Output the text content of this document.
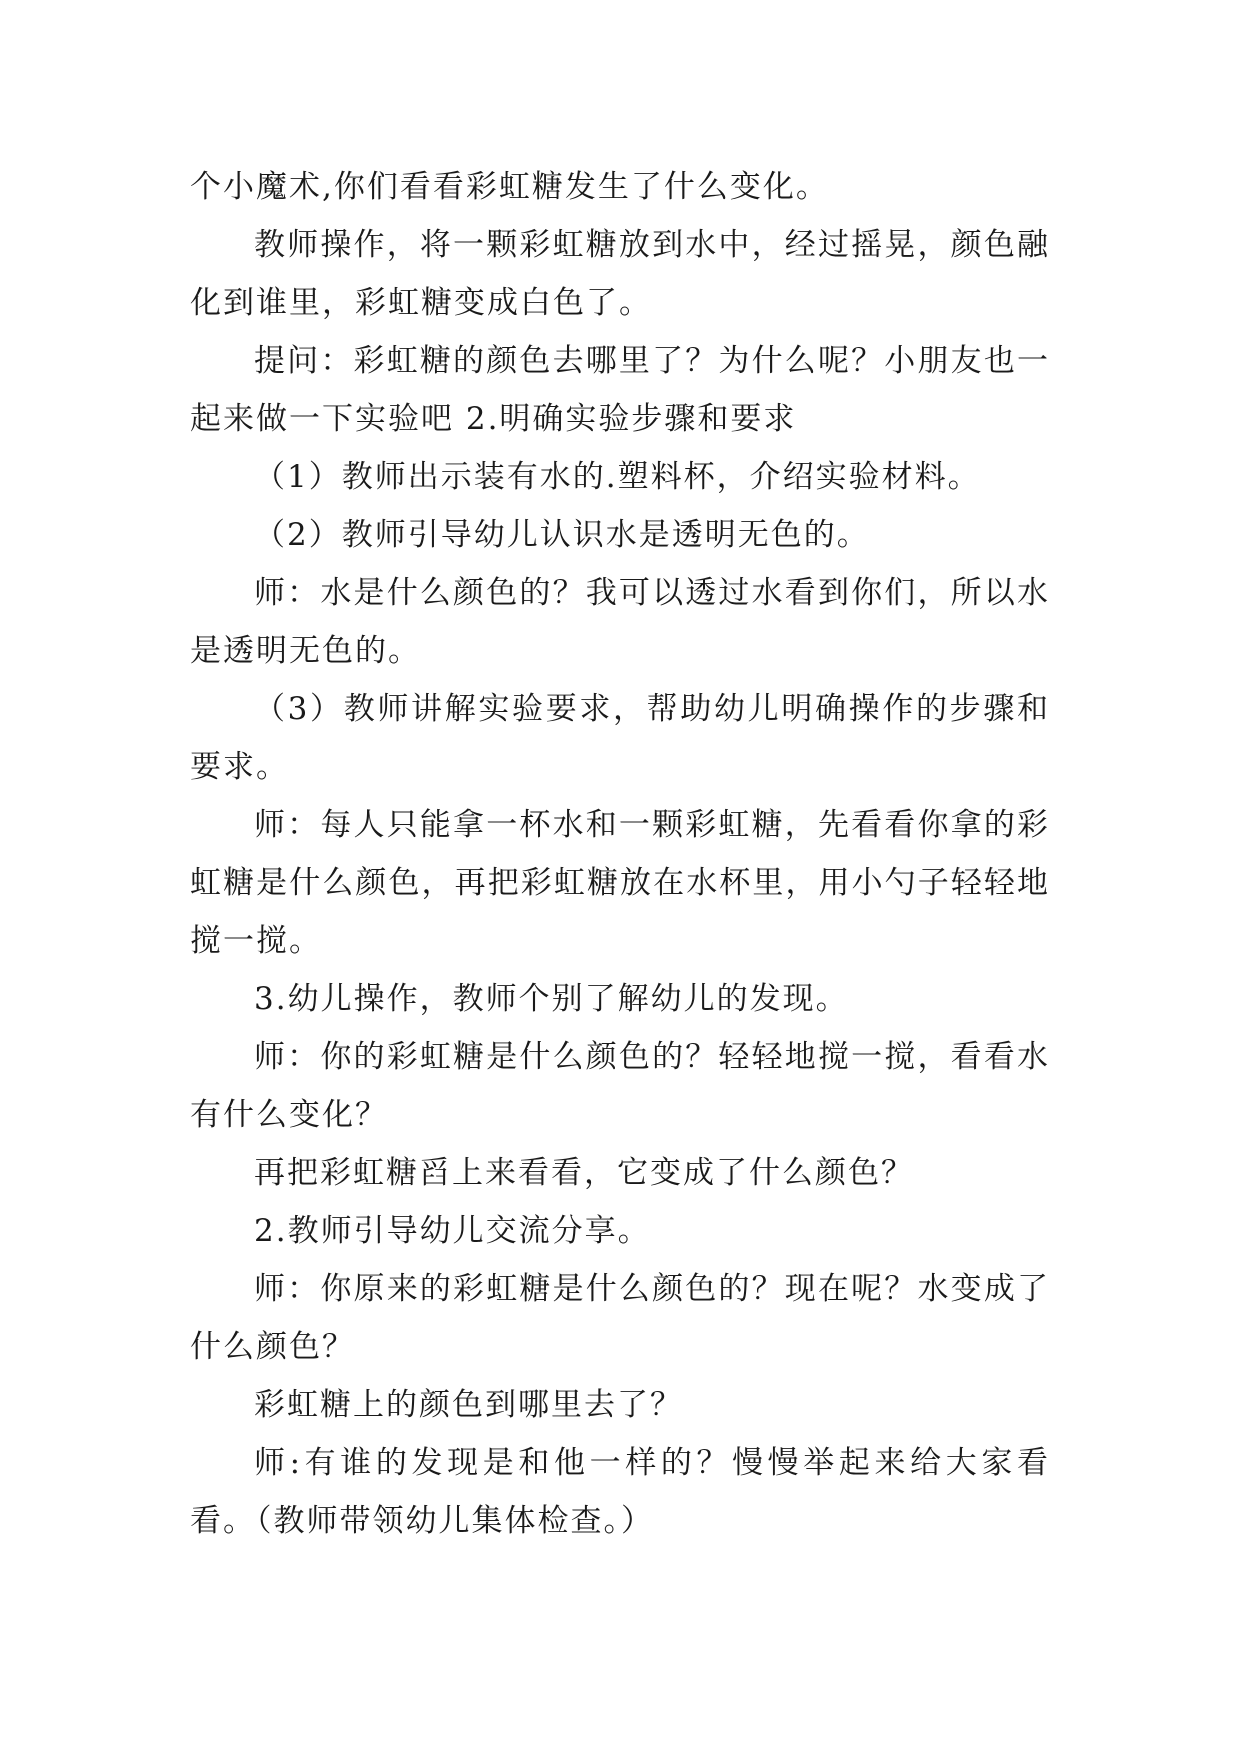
个小魔术,你们看看彩虹糖发生了什么变化。

教师操作，将一颗彩虹糖放到水中，经过摇晃，颜色融化到谁里，彩虹糖变成白色了。

提问：彩虹糖的颜色去哪里了？为什么呢？小朋友也一起来做一下实验吧 2.明确实验步骤和要求

（1）教师出示装有水的.塑料杯，介绍实验材料。

（2）教师引导幼儿认识水是透明无色的。

师：水是什么颜色的？我可以透过水看到你们，所以水是透明无色的。

（3）教师讲解实验要求，帮助幼儿明确操作的步骤和要求。

师：每人只能拿一杯水和一颗彩虹糖，先看看你拿的彩虹糖是什么颜色，再把彩虹糖放在水杯里，用小勺子轻轻地搅一搅。

3.幼儿操作，教师个别了解幼儿的发现。

师：你的彩虹糖是什么颜色的？轻轻地搅一搅，看看水有什么变化？

再把彩虹糖舀上来看看，它变成了什么颜色？

2.教师引导幼儿交流分享。

师：你原来的彩虹糖是什么颜色的？现在呢？水变成了什么颜色？

彩虹糖上的颜色到哪里去了？

师:有谁的发现是和他一样的？慢慢举起来给大家看看。（教师带领幼儿集体检查。）
